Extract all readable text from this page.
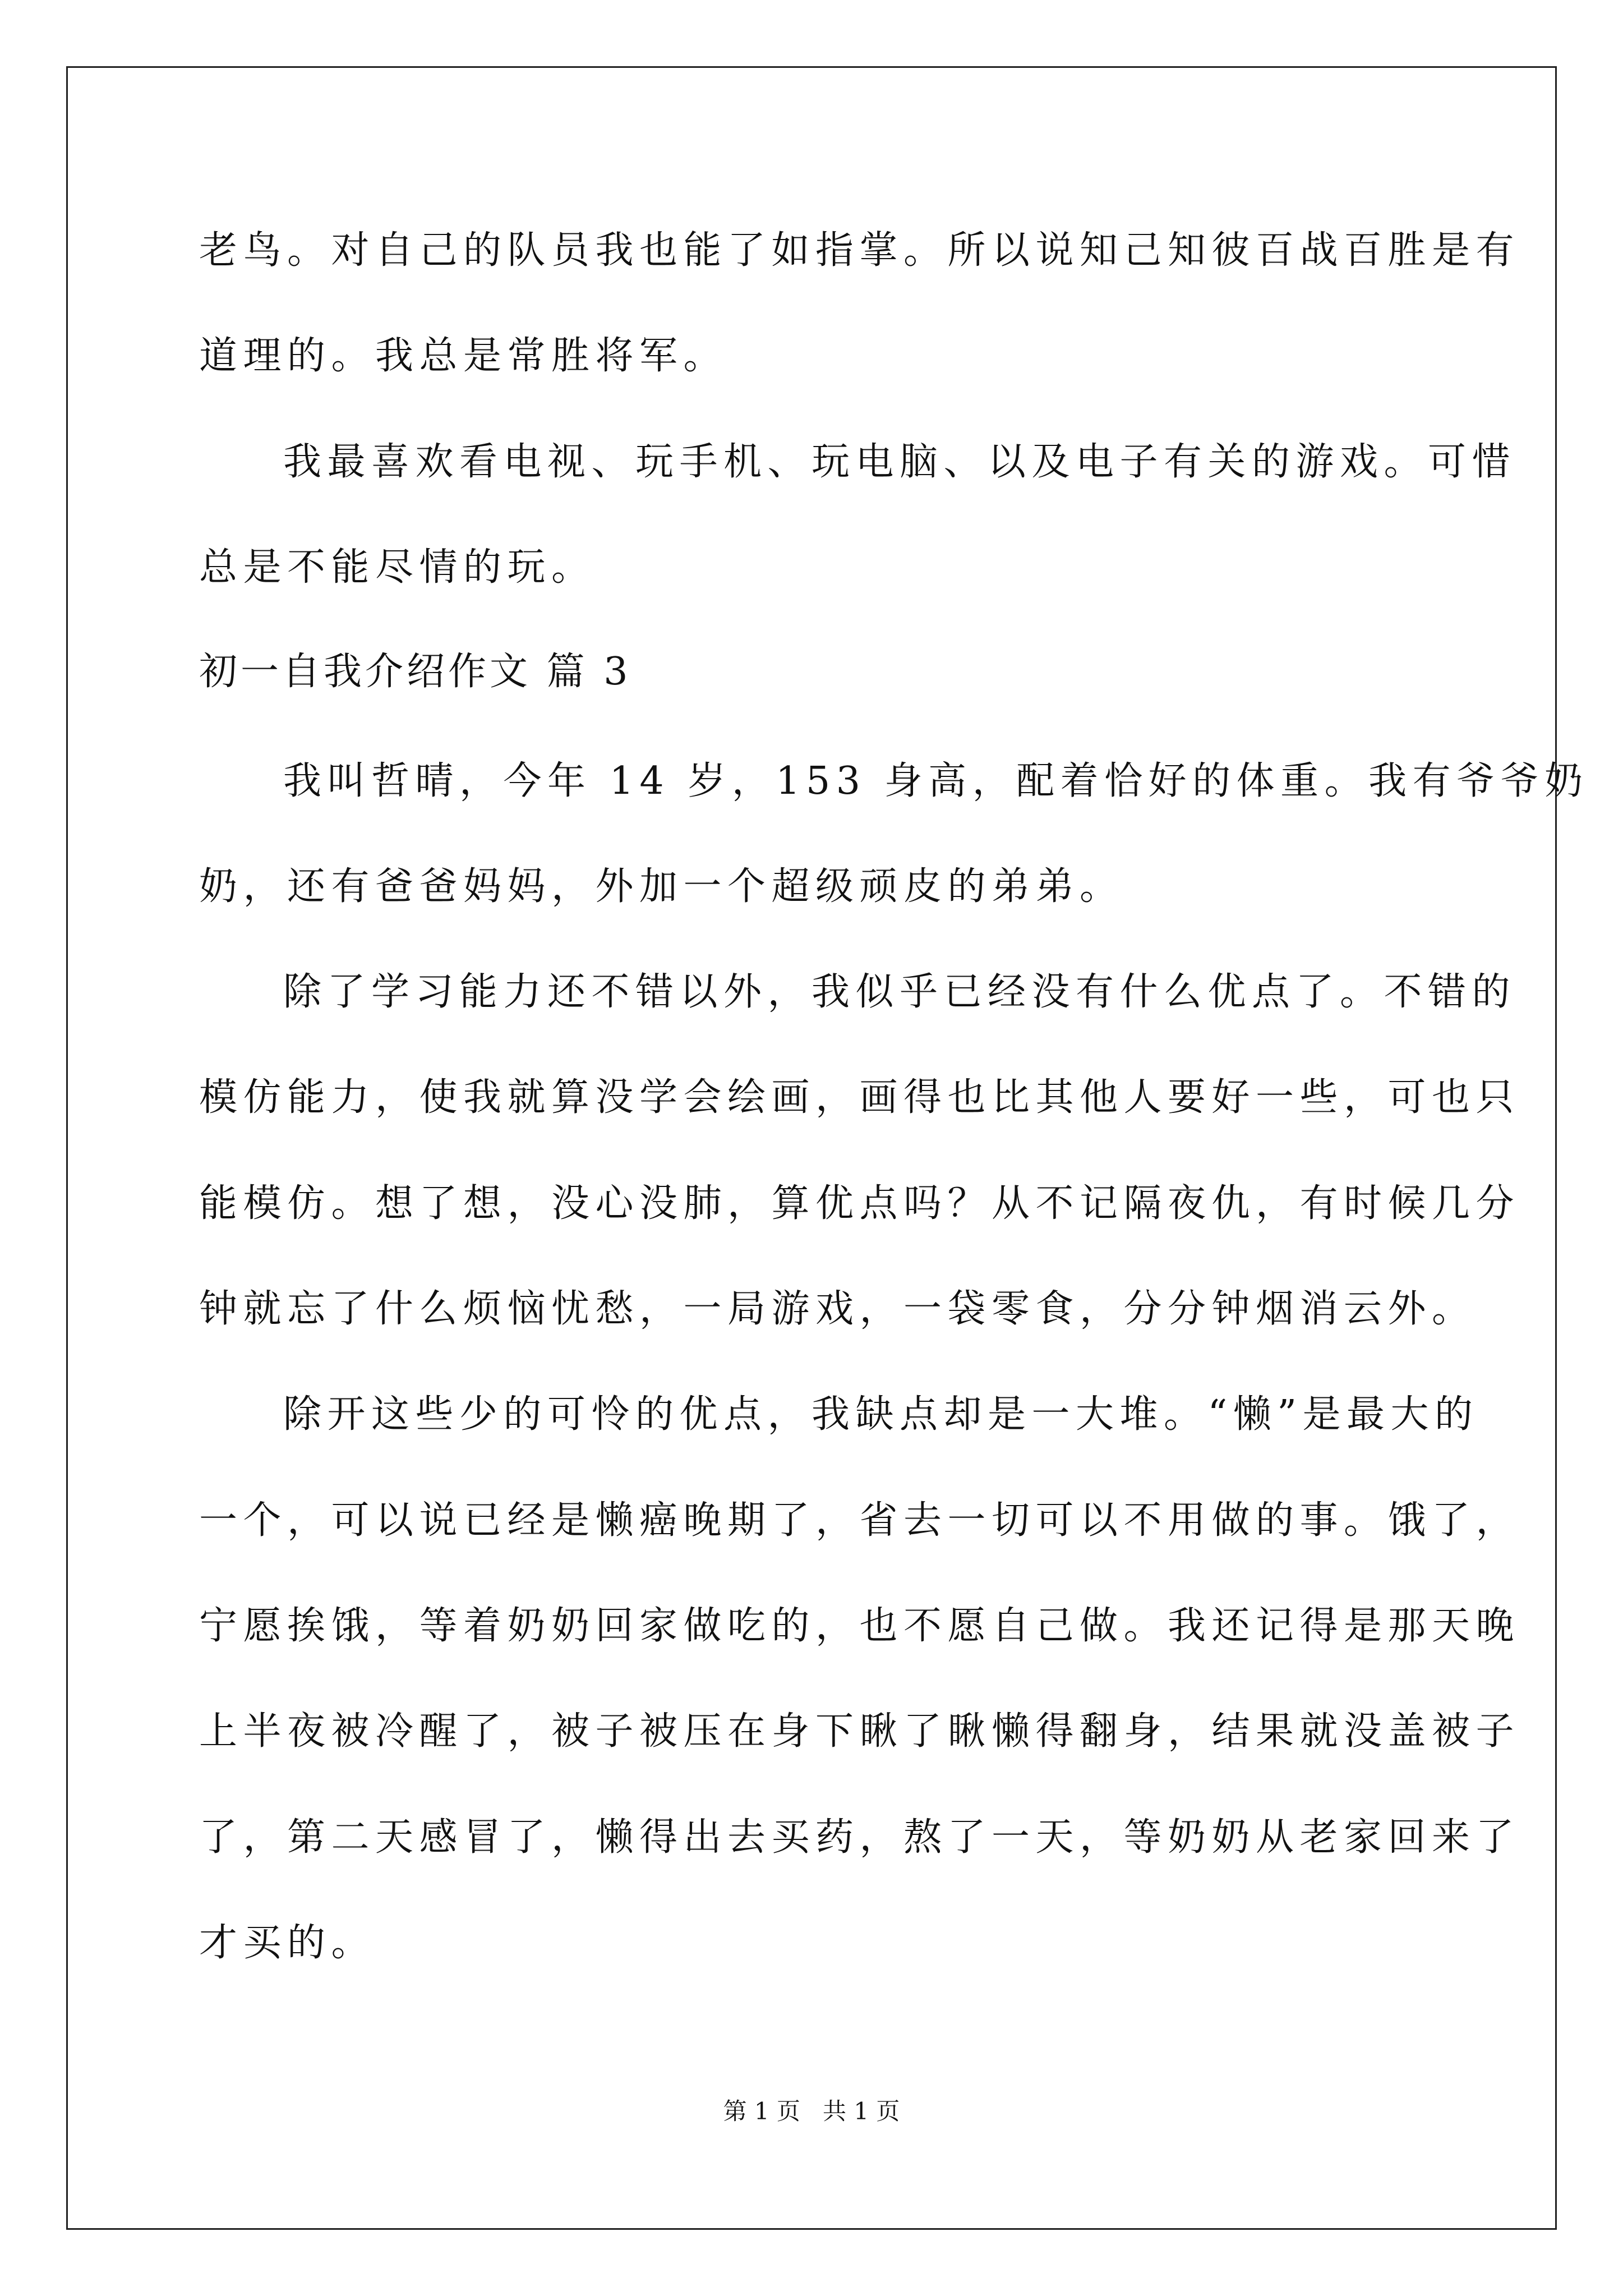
老鸟。对自己的队员我也能了如指掌。所以说知己知彼百战百胜是有
道理的。我总是常胜将军。
我最喜欢看电视、玩手机、玩电脑、以及电子有关的游戏。可惜
总是不能尽情的玩。
初一自我介绍作文 篇 3
我叫哲晴，今年 14 岁，153 身高，配着恰好的体重。我有爷爷奶
奶，还有爸爸妈妈，外加一个超级顽皮的弟弟。
除了学习能力还不错以外，我似乎已经没有什么优点了。不错的
模仿能力，使我就算没学会绘画，画得也比其他人要好一些，可也只
能模仿。想了想，没心没肺，算优点吗？从不记隔夜仇，有时候几分
钟就忘了什么烦恼忧愁，一局游戏，一袋零食，分分钟烟消云外。
除开这些少的可怜的优点，我缺点却是一大堆。“懒”是最大的
一个，可以说已经是懒癌晚期了，省去一切可以不用做的事。饿了，
宁愿挨饿，等着奶奶回家做吃的，也不愿自己做。我还记得是那天晚
上半夜被冷醒了，被子被压在身下瞅了瞅懒得翻身，结果就没盖被子
了，第二天感冒了，懒得出去买药，熬了一天，等奶奶从老家回来了
才买的。
第 1 页 共 1 页
